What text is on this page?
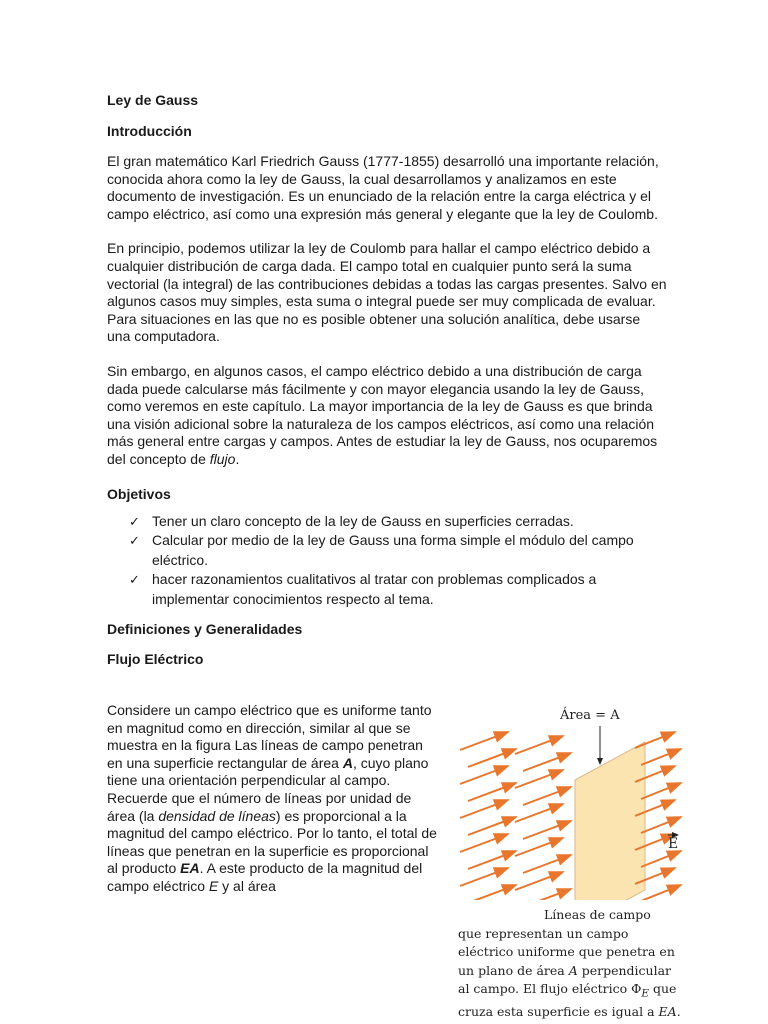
Ley de Gauss

Introducción

El gran matemático Karl Friedrich Gauss (1777-1855) desarrolló una importante relación, conocida ahora como la ley de Gauss, la cual desarrollamos y analizamos en este documento de investigación. Es un enunciado de la relación entre la carga eléctrica y el campo eléctrico, así como una expresión más general y elegante que la ley de Coulomb.

En principio, podemos utilizar la ley de Coulomb para hallar el campo eléctrico debido a cualquier distribución de carga dada. El campo total en cualquier punto será la suma vectorial (la integral) de las contribuciones debidas a todas las cargas presentes. Salvo en algunos casos muy simples, esta suma o integral puede ser muy complicada de evaluar. Para situaciones en las que no es posible obtener una solución analítica, debe usarse una computadora.

Sin embargo, en algunos casos, el campo eléctrico debido a una distribución de carga dada puede calcularse más fácilmente y con mayor elegancia usando la ley de Gauss, como veremos en este capítulo. La mayor importancia de la ley de Gauss es que brinda una visión adicional sobre la naturaleza de los campos eléctricos, así como una relación más general entre cargas y campos. Antes de estudiar la ley de Gauss, nos ocuparemos del concepto de flujo.

Objetivos

✓ Tener un claro concepto de la ley de Gauss en superficies cerradas.
✓ Calcular por medio de la ley de Gauss una forma simple el módulo del campo eléctrico.
✓ hacer razonamientos cualitativos al tratar con problemas complicados a implementar conocimientos respecto al tema.

Definiciones y Generalidades

Flujo Eléctrico

Considere un campo eléctrico que es uniforme tanto en magnitud como en dirección, similar al que se muestra en la figura Las líneas de campo penetran en una superficie rectangular de área A, cuyo plano tiene una orientación perpendicular al campo. Recuerde que el número de líneas por unidad de área (la densidad de líneas) es proporcional a la magnitud del campo eléctrico. Por lo tanto, el total de líneas que penetran en la superficie es proporcional al producto EA. A este producto de la magnitud del campo eléctrico E y al área

Área = A
E
Líneas de campo
que representan un campo
eléctrico uniforme que penetra en
un plano de área A perpendicular
al campo. El flujo eléctrico $\Phi_E$ que
cruza esta superficie es igual a EA.
